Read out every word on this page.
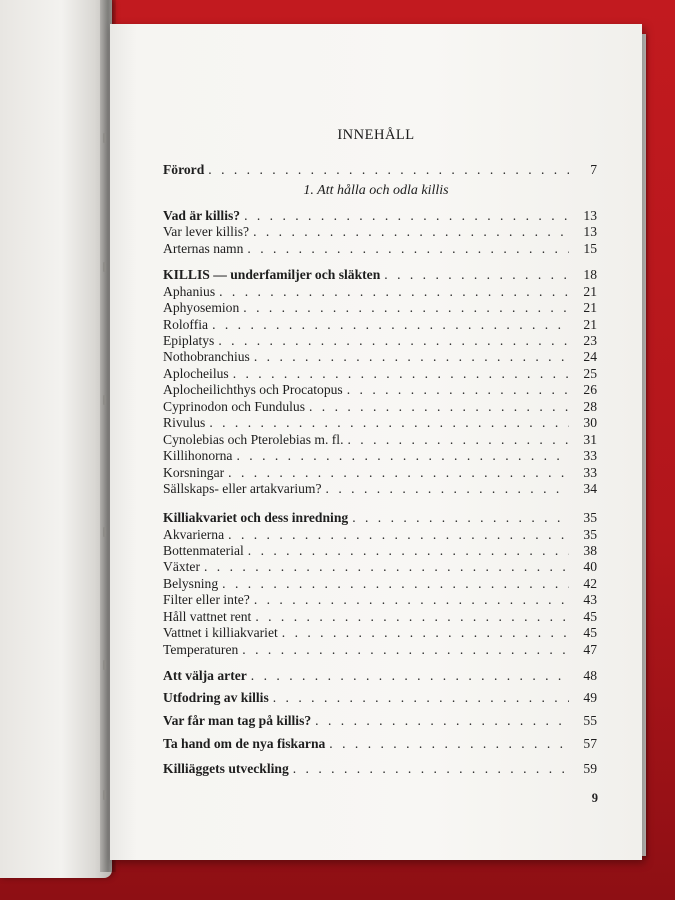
INNEHÅLL
1. Att hålla och odla killis
Förord . . .	7
Vad är killis? . . .	13
Var lever killis? . . .	13
Arternas namn . . .	15
KILLIS — underfamiljer och släkten . . .	18
Aphanius . . .	21
Aphyosemion . . .	21
Roloffia . . .	21
Epiplatys . . .	23
Nothobranchius . . .	24
Aplocheilus . . .	25
Aplocheilichthys och Procatopus . . .	26
Cyprinodon och Fundulus . . .	28
Rivulus . . .	30
Cynolebias och Pterolebias m. fl. . . .	31
Killihonorna . . .	33
Korsningar . . .	33
Sällskaps- eller artakvarium? . . .	34
Killiakvariet och dess inredning . . .	35
Akvarierna . . .	35
Bottenmaterial . . .	38
Växter . . .	40
Belysning . . .	42
Filter eller inte? . . .	43
Håll vattnet rent . . .	45
Vattnet i killiakvariet . . .	45
Temperaturen . . .	47
Att välja arter . . .	48
Utfodring av killis . . .	49
Var får man tag på killis? . . .	55
Ta hand om de nya fiskarna . . .	57
Killiäggets utveckling . . .	59
9
